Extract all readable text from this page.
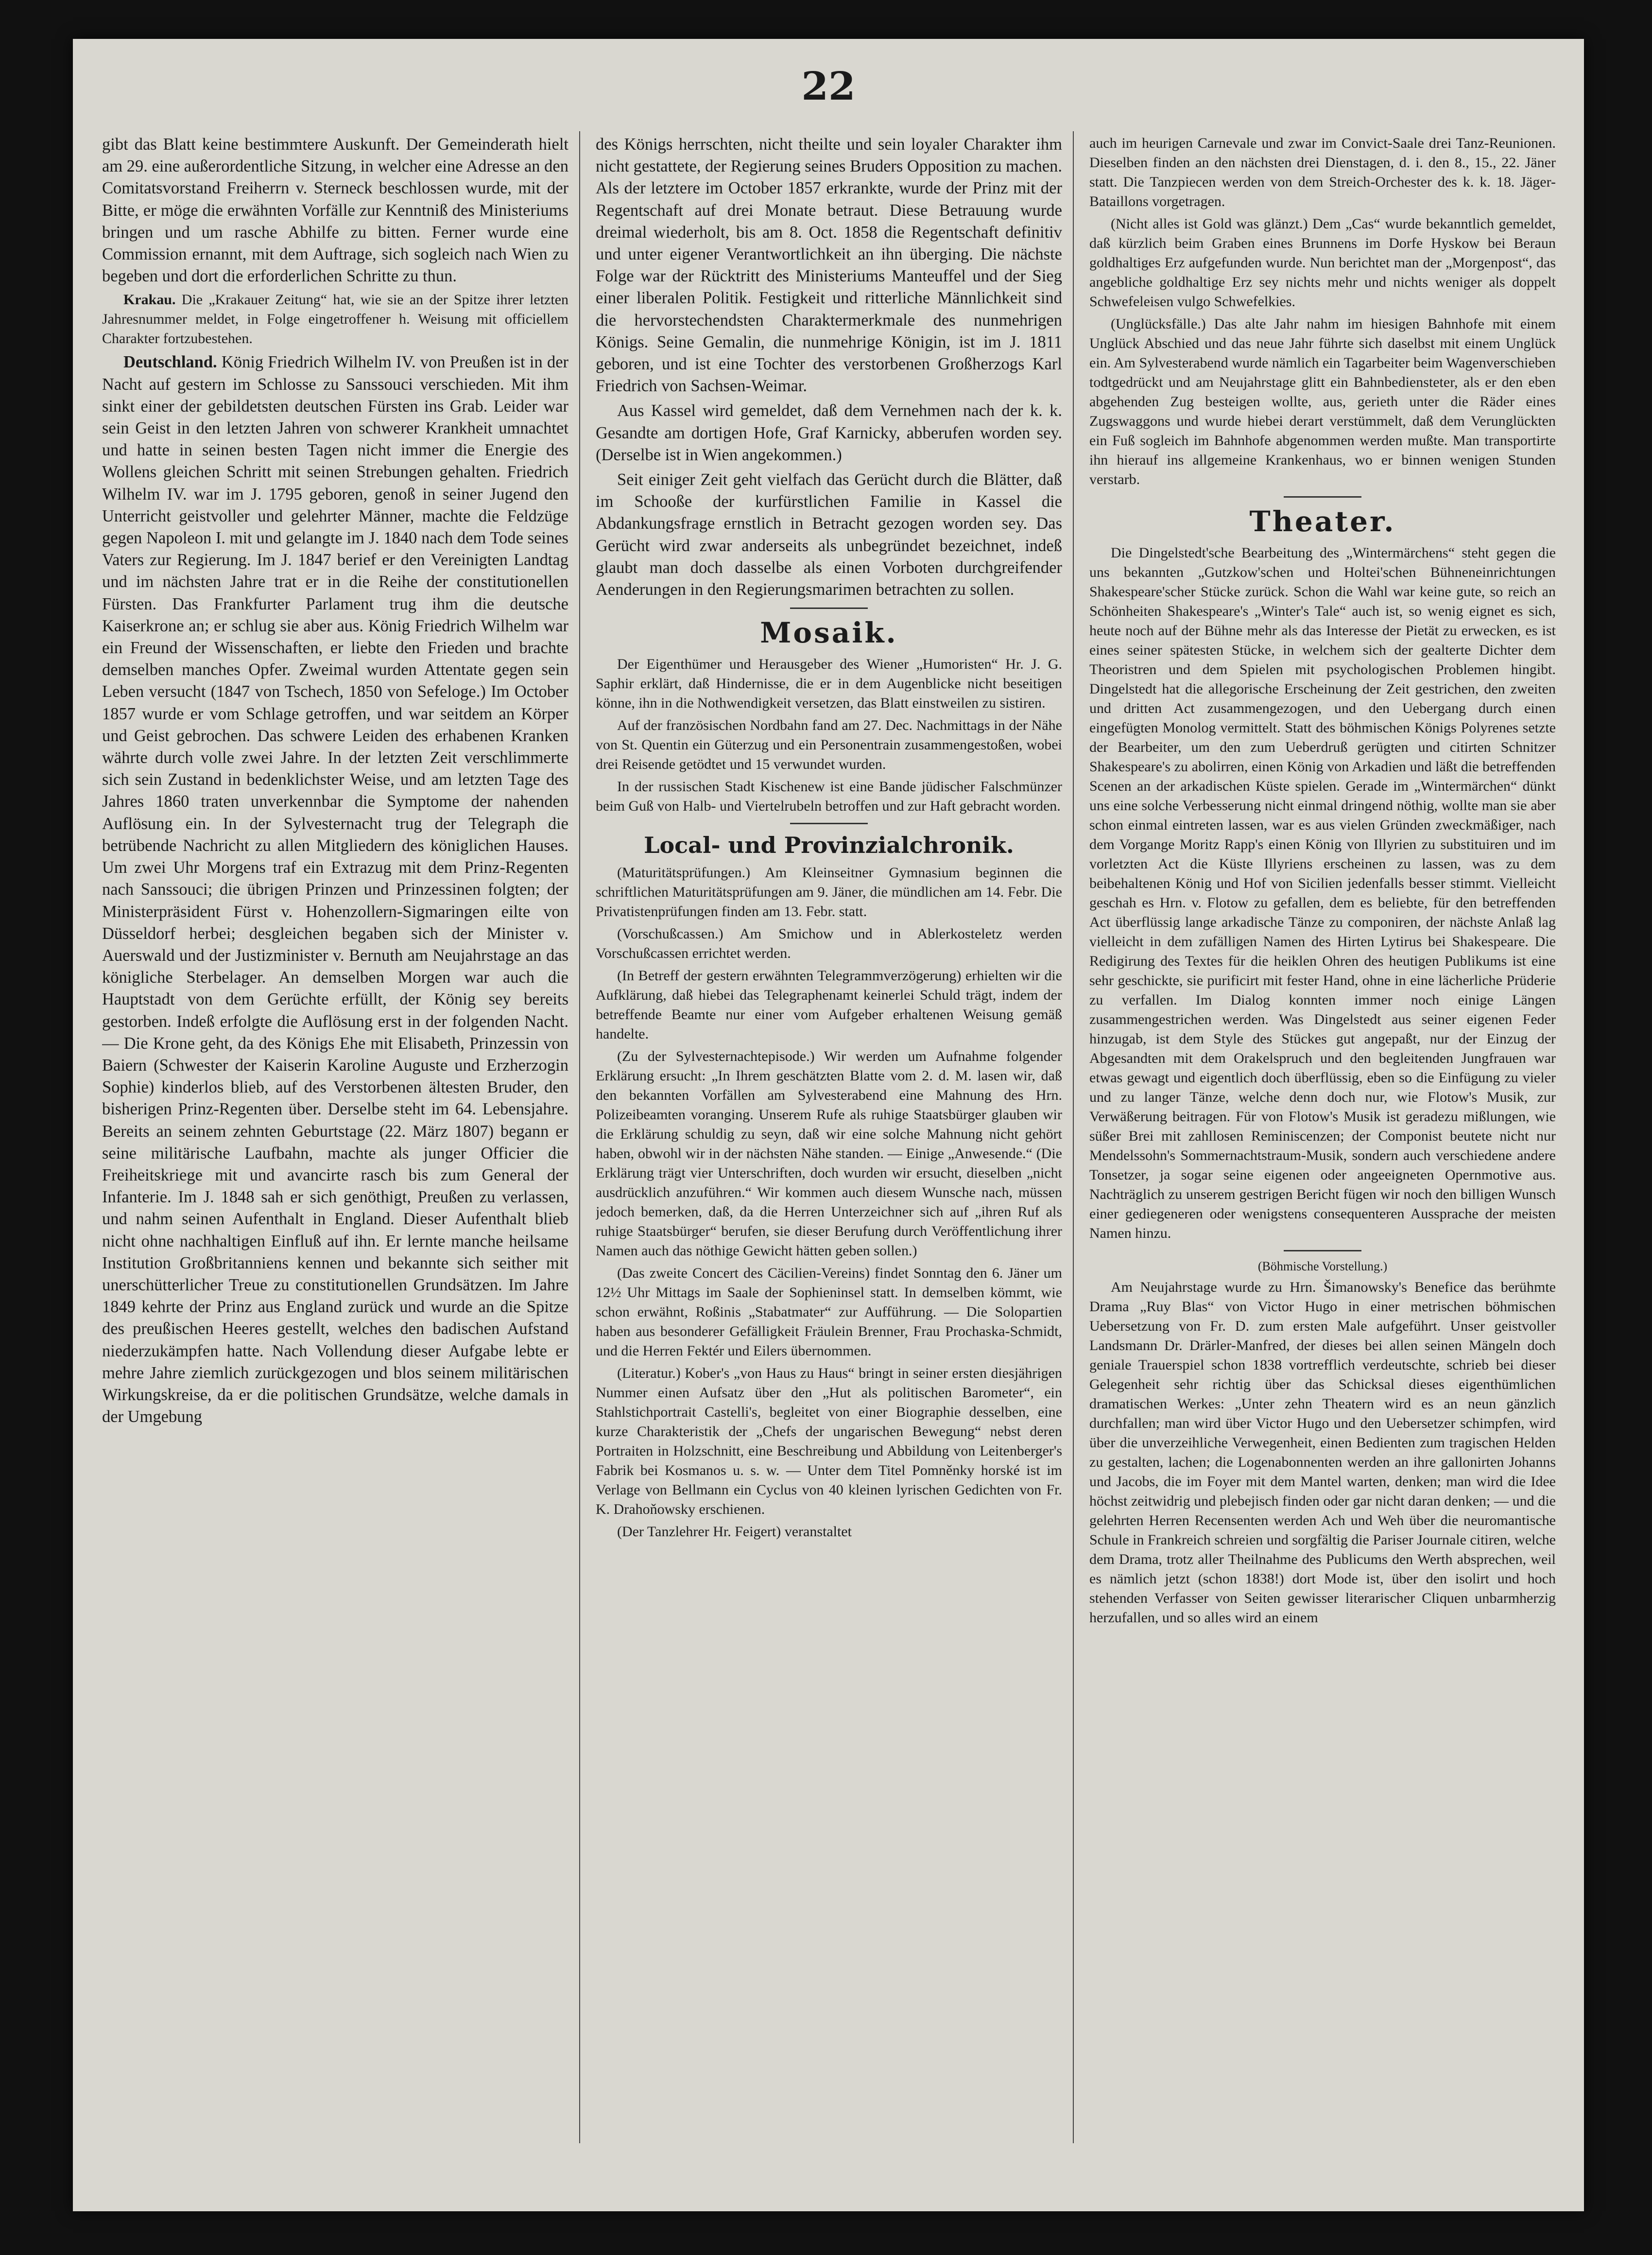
22

gibt das Blatt keine bestimmtere Auskunft. Der Gemeinderath hielt am 29. eine außerordentliche Sitzung, in welcher eine Adresse an den Comitatsvorstand Freiherrn v. Sterneck beschlossen wurde, mit der Bitte, er möge die erwähnten Vorfälle zur Kenntniß des Ministeriums bringen und um rasche Abhilfe zu bitten. Ferner wurde eine Commission ernannt, mit dem Auftrage, sich sogleich nach Wien zu begeben und dort die erforderlichen Schritte zu thun.

Krakau. Die „Krakauer Zeitung“ hat, wie sie an der Spitze ihrer letzten Jahresnummer meldet, in Folge eingetroffener h. Weisung mit officiellem Charakter fortzubestehen.

Deutschland. König Friedrich Wilhelm IV. von Preußen ist in der Nacht auf gestern im Schlosse zu Sanssouci verschieden. Mit ihm sinkt einer der gebildetsten deutschen Fürsten ins Grab. Leider war sein Geist in den letzten Jahren von schwerer Krankheit umnachtet und hatte in seinen besten Tagen nicht immer die Energie des Wollens gleichen Schritt mit seinen Strebungen gehalten. Friedrich Wilhelm IV. war im J. 1795 geboren, genoß in seiner Jugend den Unterricht geistvoller und gelehrter Männer, machte die Feldzüge gegen Napoleon I. mit und gelangte im J. 1840 nach dem Tode seines Vaters zur Regierung. Im J. 1847 berief er den Vereinigten Landtag und im nächsten Jahre trat er in die Reihe der constitutionellen Fürsten. Das Frankfurter Parlament trug ihm die deutsche Kaiserkrone an; er schlug sie aber aus. König Friedrich Wilhelm war ein Freund der Wissenschaften, er liebte den Frieden und brachte demselben manches Opfer. Zweimal wurden Attentate gegen sein Leben versucht (1847 von Tschech, 1850 von Sefeloge.) Im October 1857 wurde er vom Schlage getroffen, und war seitdem an Körper und Geist gebrochen. Das schwere Leiden des erhabenen Kranken währte durch volle zwei Jahre. In der letzten Zeit verschlimmerte sich sein Zustand in bedenklichster Weise, und am letzten Tage des Jahres 1860 traten unverkennbar die Symptome der nahenden Auflösung ein. In der Sylvesternacht trug der Telegraph die betrübende Nachricht zu allen Mitgliedern des königlichen Hauses. Um zwei Uhr Morgens traf ein Extrazug mit dem Prinz-Regenten nach Sanssouci; die übrigen Prinzen und Prinzessinen folgten; der Ministerpräsident Fürst v. Hohenzollern-Sigmaringen eilte von Düsseldorf herbei; desgleichen begaben sich der Minister v. Auerswald und der Justizminister v. Bernuth am Neujahrstage an das königliche Sterbelager. An demselben Morgen war auch die Hauptstadt von dem Gerüchte erfüllt, der König sey bereits gestorben. Indeß erfolgte die Auflösung erst in der folgenden Nacht. — Die Krone geht, da des Königs Ehe mit Elisabeth, Prinzessin von Baiern (Schwester der Kaiserin Karoline Auguste und Erzherzogin Sophie) kinderlos blieb, auf des Verstorbenen ältesten Bruder, den bisherigen Prinz-Regenten über. Derselbe steht im 64. Lebensjahre. Bereits an seinem zehnten Geburtstage (22. März 1807) begann er seine militärische Laufbahn, machte als junger Officier die Freiheitskriege mit und avancirte rasch bis zum General der Infanterie. Im J. 1848 sah er sich genöthigt, Preußen zu verlassen, und nahm seinen Aufenthalt in England. Dieser Aufenthalt blieb nicht ohne nachhaltigen Einfluß auf ihn. Er lernte manche heilsame Institution Großbritanniens kennen und bekannte sich seither mit unerschütterlicher Treue zu constitutionellen Grundsätzen. Im Jahre 1849 kehrte der Prinz aus England zurück und wurde an die Spitze des preußischen Heeres gestellt, welches den badischen Aufstand niederzukämpfen hatte. Nach Vollendung dieser Aufgabe lebte er mehre Jahre ziemlich zurückgezogen und blos seinem militärischen Wirkungskreise, da er die politischen Grundsätze, welche damals in der Umgebung

des Königs herrschten, nicht theilte und sein loyaler Charakter ihm nicht gestattete, der Regierung seines Bruders Opposition zu machen. Als der letztere im October 1857 erkrankte, wurde der Prinz mit der Regentschaft auf drei Monate betraut. Diese Betrauung wurde dreimal wiederholt, bis am 8. Oct. 1858 die Regentschaft definitiv und unter eigener Verantwortlichkeit an ihn überging. Die nächste Folge war der Rücktritt des Ministeriums Manteuffel und der Sieg einer liberalen Politik. Festigkeit und ritterliche Männlichkeit sind die hervorstechendsten Charaktermerkmale des nunmehrigen Königs. Seine Gemalin, die nunmehrige Königin, ist im J. 1811 geboren, und ist eine Tochter des verstorbenen Großherzogs Karl Friedrich von Sachsen-Weimar.

Aus Kassel wird gemeldet, daß dem Vernehmen nach der k. k. Gesandte am dortigen Hofe, Graf Karnicky, abberufen worden sey. (Derselbe ist in Wien angekommen.)

Seit einiger Zeit geht vielfach das Gerücht durch die Blätter, daß im Schooße der kurfürstlichen Familie in Kassel die Abdankungsfrage ernstlich in Betracht gezogen worden sey. Das Gerücht wird zwar anderseits als unbegründet bezeichnet, indeß glaubt man doch dasselbe als einen Vorboten durchgreifender Aenderungen in den Regierungsmarimen betrachten zu sollen.

Mosaik.

Der Eigenthümer und Herausgeber des Wiener „Humoristen“ Hr. J. G. Saphir erklärt, daß Hindernisse, die er in dem Augenblicke nicht beseitigen könne, ihn in die Nothwendigkeit versetzen, das Blatt einstweilen zu sistiren.

Auf der französischen Nordbahn fand am 27. Dec. Nachmittags in der Nähe von St. Quentin ein Güterzug und ein Personentrain zusammengestoßen, wobei drei Reisende getödtet und 15 verwundet wurden.

In der russischen Stadt Kischenew ist eine Bande jüdischer Falschmünzer beim Guß von Halb- und Viertelrubeln betroffen und zur Haft gebracht worden.

Local- und Provinzialchronik.

(Maturitätsprüfungen.) Am Kleinseitner Gymnasium beginnen die schriftlichen Maturitätsprüfungen am 9. Jäner, die mündlichen am 14. Febr. Die Privatistenprüfungen finden am 13. Febr. statt.

(Vorschußcassen.) Am Smichow und in Ablerkosteletz werden Vorschußcassen errichtet werden.

(In Betreff der gestern erwähnten Telegrammverzögerung) erhielten wir die Aufklärung, daß hiebei das Telegraphenamt keinerlei Schuld trägt, indem der betreffende Beamte nur einer vom Aufgeber erhaltenen Weisung gemäß handelte.

(Zu der Sylvesternachtepisode.) Wir werden um Aufnahme folgender Erklärung ersucht: „In Ihrem geschätzten Blatte vom 2. d. M. lasen wir, daß den bekannten Vorfällen am Sylvesterabend eine Mahnung des Hrn. Polizeibeamten voranging. Unserem Rufe als ruhige Staatsbürger glauben wir die Erklärung schuldig zu seyn, daß wir eine solche Mahnung nicht gehört haben, obwohl wir in der nächsten Nähe standen. — Einige „Anwesende.“ (Die Erklärung trägt vier Unterschriften, doch wurden wir ersucht, dieselben „nicht ausdrücklich anzuführen.“ Wir kommen auch diesem Wunsche nach, müssen jedoch bemerken, daß, da die Herren Unterzeichner sich auf „ihren Ruf als ruhige Staatsbürger“ berufen, sie dieser Berufung durch Veröffentlichung ihrer Namen auch das nöthige Gewicht hätten geben sollen.)

(Das zweite Concert des Cäcilien-Vereins) findet Sonntag den 6. Jäner um 12½ Uhr Mittags im Saale der Sophieninsel statt. In demselben kömmt, wie schon erwähnt, Roßinis „Stabatmater“ zur Aufführung. — Die Solopartien haben aus besonderer Gefälligkeit Fräulein Brenner, Frau Prochaska-Schmidt, und die Herren Fektér und Eilers übernommen.

(Literatur.) Kober's „von Haus zu Haus“ bringt in seiner ersten diesjährigen Nummer einen Aufsatz über den „Hut als politischen Barometer“, ein Stahlstichportrait Castelli's, begleitet von einer Biographie desselben, eine kurze Charakteristik der „Chefs der ungarischen Bewegung“ nebst deren Portraiten in Holzschnitt, eine Beschreibung und Abbildung von Leitenberger's Fabrik bei Kosmanos u. s. w. — Unter dem Titel Pomněnky horské ist im Verlage von Bellmann ein Cyclus von 40 kleinen lyrischen Gedichten von Fr. K. Drahoňowsky erschienen.

(Der Tanzlehrer Hr. Feigert) veranstaltet

auch im heurigen Carnevale und zwar im Convict-Saale drei Tanz-Reunionen. Dieselben finden an den nächsten drei Dienstagen, d. i. den 8., 15., 22. Jäner statt. Die Tanzpiecen werden von dem Streich-Orchester des k. k. 18. Jäger-Bataillons vorgetragen.

(Nicht alles ist Gold was glänzt.) Dem „Cas“ wurde bekanntlich gemeldet, daß kürzlich beim Graben eines Brunnens im Dorfe Hyskow bei Beraun goldhaltiges Erz aufgefunden wurde. Nun berichtet man der „Morgenpost“, das angebliche goldhaltige Erz sey nichts mehr und nichts weniger als doppelt Schwefeleisen vulgo Schwefelkies.

(Unglücksfälle.) Das alte Jahr nahm im hiesigen Bahnhofe mit einem Unglück Abschied und das neue Jahr führte sich daselbst mit einem Unglück ein. Am Sylvesterabend wurde nämlich ein Tagarbeiter beim Wagenverschieben todtgedrückt und am Neujahrstage glitt ein Bahnbediensteter, als er den eben abgehenden Zug besteigen wollte, aus, gerieth unter die Räder eines Zugswaggons und wurde hiebei derart verstümmelt, daß dem Verunglückten ein Fuß sogleich im Bahnhofe abgenommen werden mußte. Man transportirte ihn hierauf ins allgemeine Krankenhaus, wo er binnen wenigen Stunden verstarb.

Theater.

Die Dingelstedt'sche Bearbeitung des „Wintermärchens“ steht gegen die uns bekannten „Gutzkow'schen und Holtei'schen Bühneneinrichtungen Shakespeare'scher Stücke zurück. Schon die Wahl war keine gute, so reich an Schönheiten Shakespeare's „Winter's Tale“ auch ist, so wenig eignet es sich, heute noch auf der Bühne mehr als das Interesse der Pietät zu erwecken, es ist eines seiner spätesten Stücke, in welchem sich der gealterte Dichter dem Theoristren und dem Spielen mit psychologischen Problemen hingibt. Dingelstedt hat die allegorische Erscheinung der Zeit gestrichen, den zweiten und dritten Act zusammengezogen, und den Uebergang durch einen eingefügten Monolog vermittelt. Statt des böhmischen Königs Polyrenes setzte der Bearbeiter, um den zum Ueberdruß gerügten und citirten Schnitzer Shakespeare's zu abolirren, einen König von Arkadien und läßt die betreffenden Scenen an der arkadischen Küste spielen. Gerade im „Wintermärchen“ dünkt uns eine solche Verbesserung nicht einmal dringend nöthig, wollte man sie aber schon einmal eintreten lassen, war es aus vielen Gründen zweckmäßiger, nach dem Vorgange Moritz Rapp's einen König von Illyrien zu substituiren und im vorletzten Act die Küste Illyriens erscheinen zu lassen, was zu dem beibehaltenen König und Hof von Sicilien jedenfalls besser stimmt. Vielleicht geschah es Hrn. v. Flotow zu gefallen, dem es beliebte, für den betreffenden Act überflüssig lange arkadische Tänze zu componiren, der nächste Anlaß lag vielleicht in dem zufälligen Namen des Hirten Lytirus bei Shakespeare. Die Redigirung des Textes für die heiklen Ohren des heutigen Publikums ist eine sehr geschickte, sie purificirt mit fester Hand, ohne in eine lächerliche Prüderie zu verfallen. Im Dialog konnten immer noch einige Längen zusammengestrichen werden. Was Dingelstedt aus seiner eigenen Feder hinzugab, ist dem Style des Stückes gut angepaßt, nur der Einzug der Abgesandten mit dem Orakelspruch und den begleitenden Jungfrauen war etwas gewagt und eigentlich doch überflüssig, eben so die Einfügung zu vieler und zu langer Tänze, welche denn doch nur, wie Flotow's Musik, zur Verwäßerung beitragen. Für von Flotow's Musik ist geradezu mißlungen, wie süßer Brei mit zahllosen Reminiscenzen; der Componist beutete nicht nur Mendelssohn's Sommernachtstraum-Musik, sondern auch verschiedene andere Tonsetzer, ja sogar seine eigenen oder angeeigneten Opernmotive aus. Nachträglich zu unserem gestrigen Bericht fügen wir noch den billigen Wunsch einer gediegeneren oder wenigstens consequenteren Aussprache der meisten Namen hinzu.

(Böhmische Vorstellung.)

Am Neujahrstage wurde zu Hrn. Šimanowsky's Beneficе das berühmte Drama „Ruy Blas“ von Victor Hugo in einer metrischen böhmischen Uebersetzung von Fr. D. zum ersten Male aufgeführt. Unser geistvoller Landsmann Dr. Drärler-Manfred, der dieses bei allen seinen Mängeln doch geniale Trauerspiel schon 1838 vortrefflich verdeutschte, schrieb bei dieser Gelegenheit sehr richtig über das Schicksal dieses eigenthümlichen dramatischen Werkes: „Unter zehn Theatern wird es an neun gänzlich durchfallen; man wird über Victor Hugo und den Uebersetzer schimpfen, wird über die unverzeihliche Verwegenheit, einen Bedienten zum tragischen Helden zu gestalten, lachen; die Logenabonnenten werden an ihre gallonirten Johanns und Jacobs, die im Foyer mit dem Mantel warten, denken; man wird die Idee höchst zeitwidrig und plebejisch finden oder gar nicht daran denken; — und die gelehrten Herren Recensenten werden Ach und Weh über die neuromantische Schule in Frankreich schreien und sorgfältig die Pariser Journale citiren, welche dem Drama, trotz aller Theilnahme des Publicums den Werth absprechen, weil es nämlich jetzt (schon 1838!) dort Mode ist, über den isolirt und hoch stehenden Verfasser von Seiten gewisser literarischer Cliquen unbarmherzig herzufallen, und so alles wird an einem
